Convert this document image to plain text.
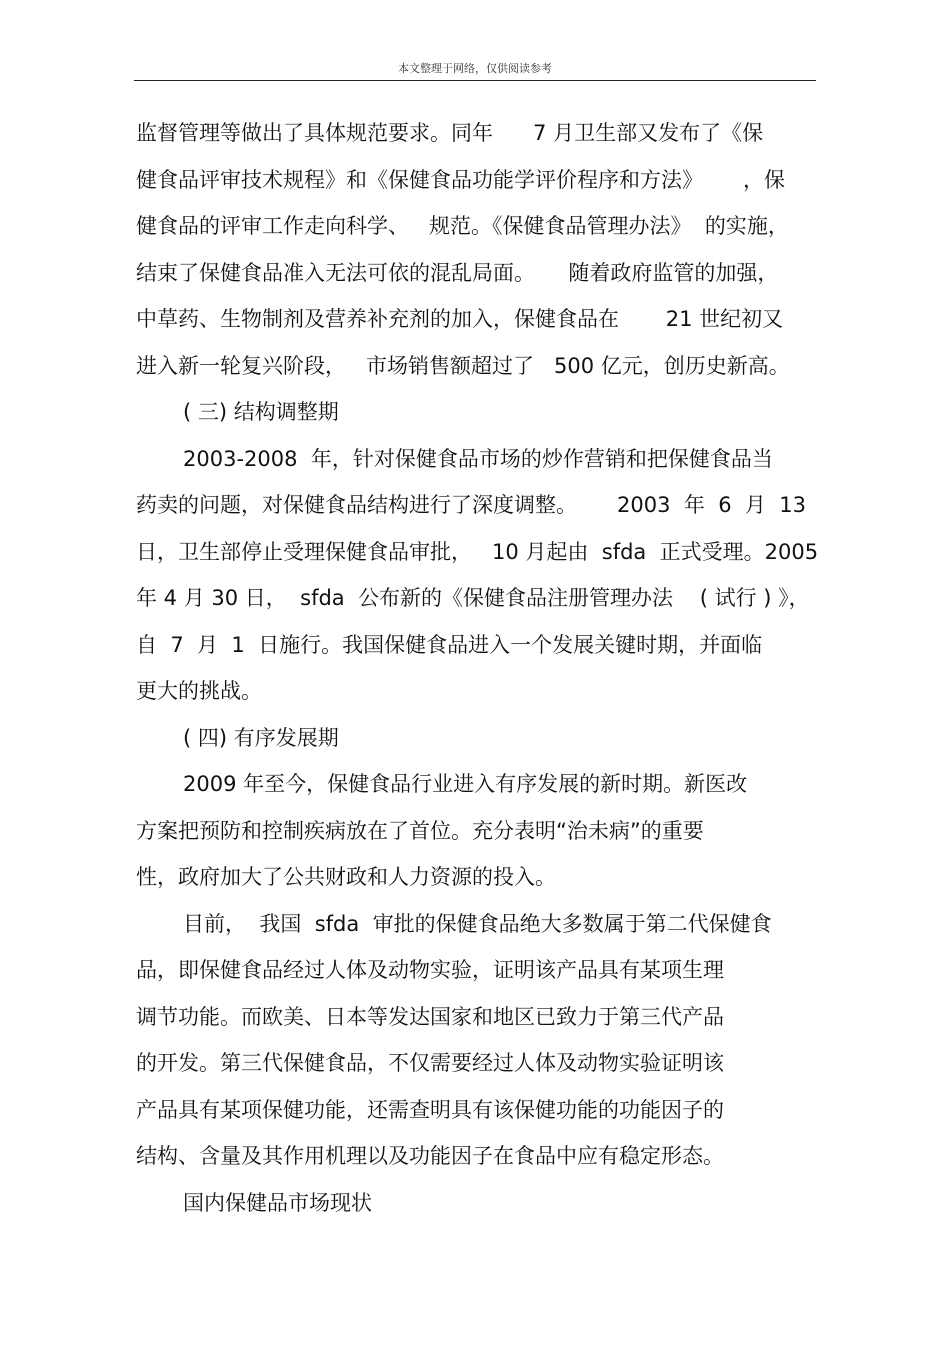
本文整理于网络，仅供阅读参考
监督管理等做出了具体规范要求。同年      7 月卫生部又发布了《保
健食品评审技术规程》和《保健食品功能学评价程序和方法》      ，保
健食品的评审工作走向科学、   规范。《保健食品管理办法》  的实施，
结束了保健食品准入无法可依的混乱局面。     随着政府监管的加强，
中草药、生物制剂及营养补充剂的加入，保健食品在       21 世纪初又
进入新一轮复兴阶段，   市场销售额超过了   500 亿元，创历史新高。
( 三) 结构调整期
2003-2008  年，针对保健食品市场的炒作营销和把保健食品当
药卖的问题，对保健食品结构进行了深度调整。      2003  年  6  月  13
日，卫生部停止受理保健食品审批，   10 月起由  sfda  正式受理。2005
年 4 月 30 日，  sfda  公布新的《保健食品注册管理办法    ( 试行 ) 》，
自  7  月  1  日施行。我国保健食品进入一个发展关键时期，并面临
更大的挑战。
( 四) 有序发展期
2009 年至今，保健食品行业进入有序发展的新时期。新医改
方案把预防和控制疾病放在了首位。充分表明“治未病”的重要
性，政府加大了公共财政和人力资源的投入。
目前，  我国  sfda  审批的保健食品绝大多数属于第二代保健食
品，即保健食品经过人体及动物实验，证明该产品具有某项生理
调节功能。而欧美、日本等发达国家和地区已致力于第三代产品
的开发。第三代保健食品，不仅需要经过人体及动物实验证明该
产品具有某项保健功能，还需查明具有该保健功能的功能因子的
结构、含量及其作用机理以及功能因子在食品中应有稳定形态。
国内保健品市场现状
